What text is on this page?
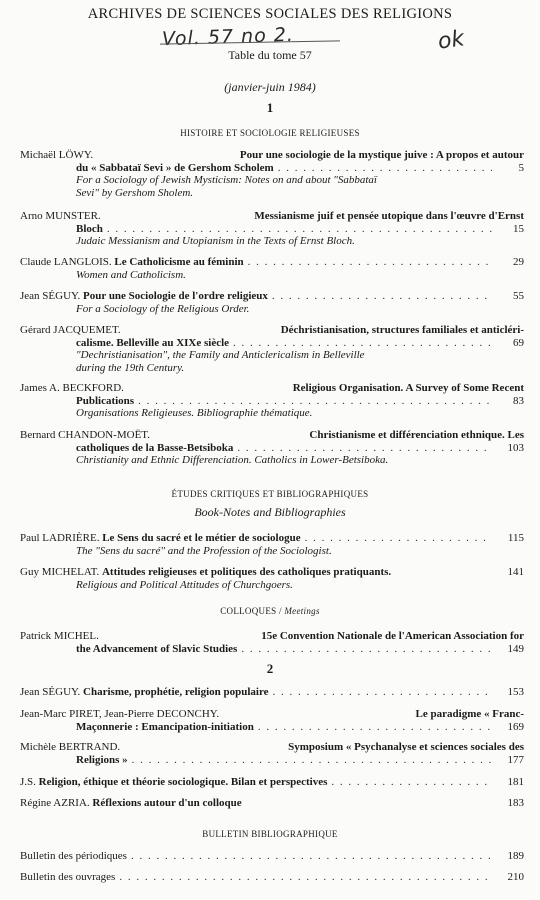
ARCHIVES DE SCIENCES SOCIALES DES RELIGIONS
Vol. 57 no 2.	ok
Table du tome 57
(janvier-juin 1984)
1
HISTOIRE ET SOCIOLOGIE RELIGIEUSES
Michaël LÖWY.	Pour une sociologie de la mystique juive : A propos et autour
du « Sabbataï Sevi » de Gershom Scholem . . .	5
For a Sociology of Jewish Mysticism: Notes on and about "Sabbataï
Sevi" by Gershom Sholem.
Arno MUNSTER.	Messianisme juif et pensée utopique dans l'œuvre d'Ernst
Bloch . . .	15
Judaic Messianism and Utopianism in the Texts of Ernst Bloch.
Claude LANGLOIS.
Le Catholicisme au féminin . . .	29
Women and Catholicism.
Jean SÉGUY.
Pour une Sociologie de l'ordre religieux . . .	55
For a Sociology of the Religious Order.
Gérard JACQUEMET.	Déchristianisation, structures familiales et anticléri-
calisme. Belleville au XIXe siècle . . .	69
"Dechristianisation", the Family and Anticlericalism in Belleville
during the 19th Century.
James A. BECKFORD.	Religious Organisation. A Survey of Some Recent
Publications . . .	83
Organisations Religieuses. Bibliographie thématique.
Bernard CHANDON-MOËT.	Christianisme et différenciation ethnique. Les
catholiques de la Basse-Betsiboka . . .	103
Christianity and Ethnic Differenciation. Catholics in Lower-Betsiboka.
ÉTUDES CRITIQUES ET BIBLIOGRAPHIQUES
Book-Notes and Bibliographies
Paul LADRIÈRE.
Le Sens du sacré et le métier de sociologue . . .	115
The "Sens du sacré" and the Profession of the Sociologist.
Guy MICHELAT.
Attitudes religieuses et politiques des catholiques pratiquants.	141
Religious and Political Attitudes of Churchgoers.
COLLOQUES / Meetings
Patrick MICHEL.	15e Convention Nationale de l'American Association for
the Advancement of Slavic Studies . . .	149
2
Jean SÉGUY.
Charisme, prophétie, religion populaire . . .	153
Jean-Marc PIRET, Jean-Pierre DECONCHY.	Le paradigme « Franc-
Maçonnerie : Emancipation-initiation . . .	169
Michèle BERTRAND.	Symposium « Psychanalyse et sciences sociales des
Religions » . . .	177
J.S.
Religion, éthique et théorie sociologique. Bilan et perspectives . . .	181
Régine AZRIA.
Réflexions autour d'un colloque	183
BULLETIN BIBLIOGRAPHIQUE
Bulletin des périodiques . . .	189
Bulletin des ouvrages . . .	210
